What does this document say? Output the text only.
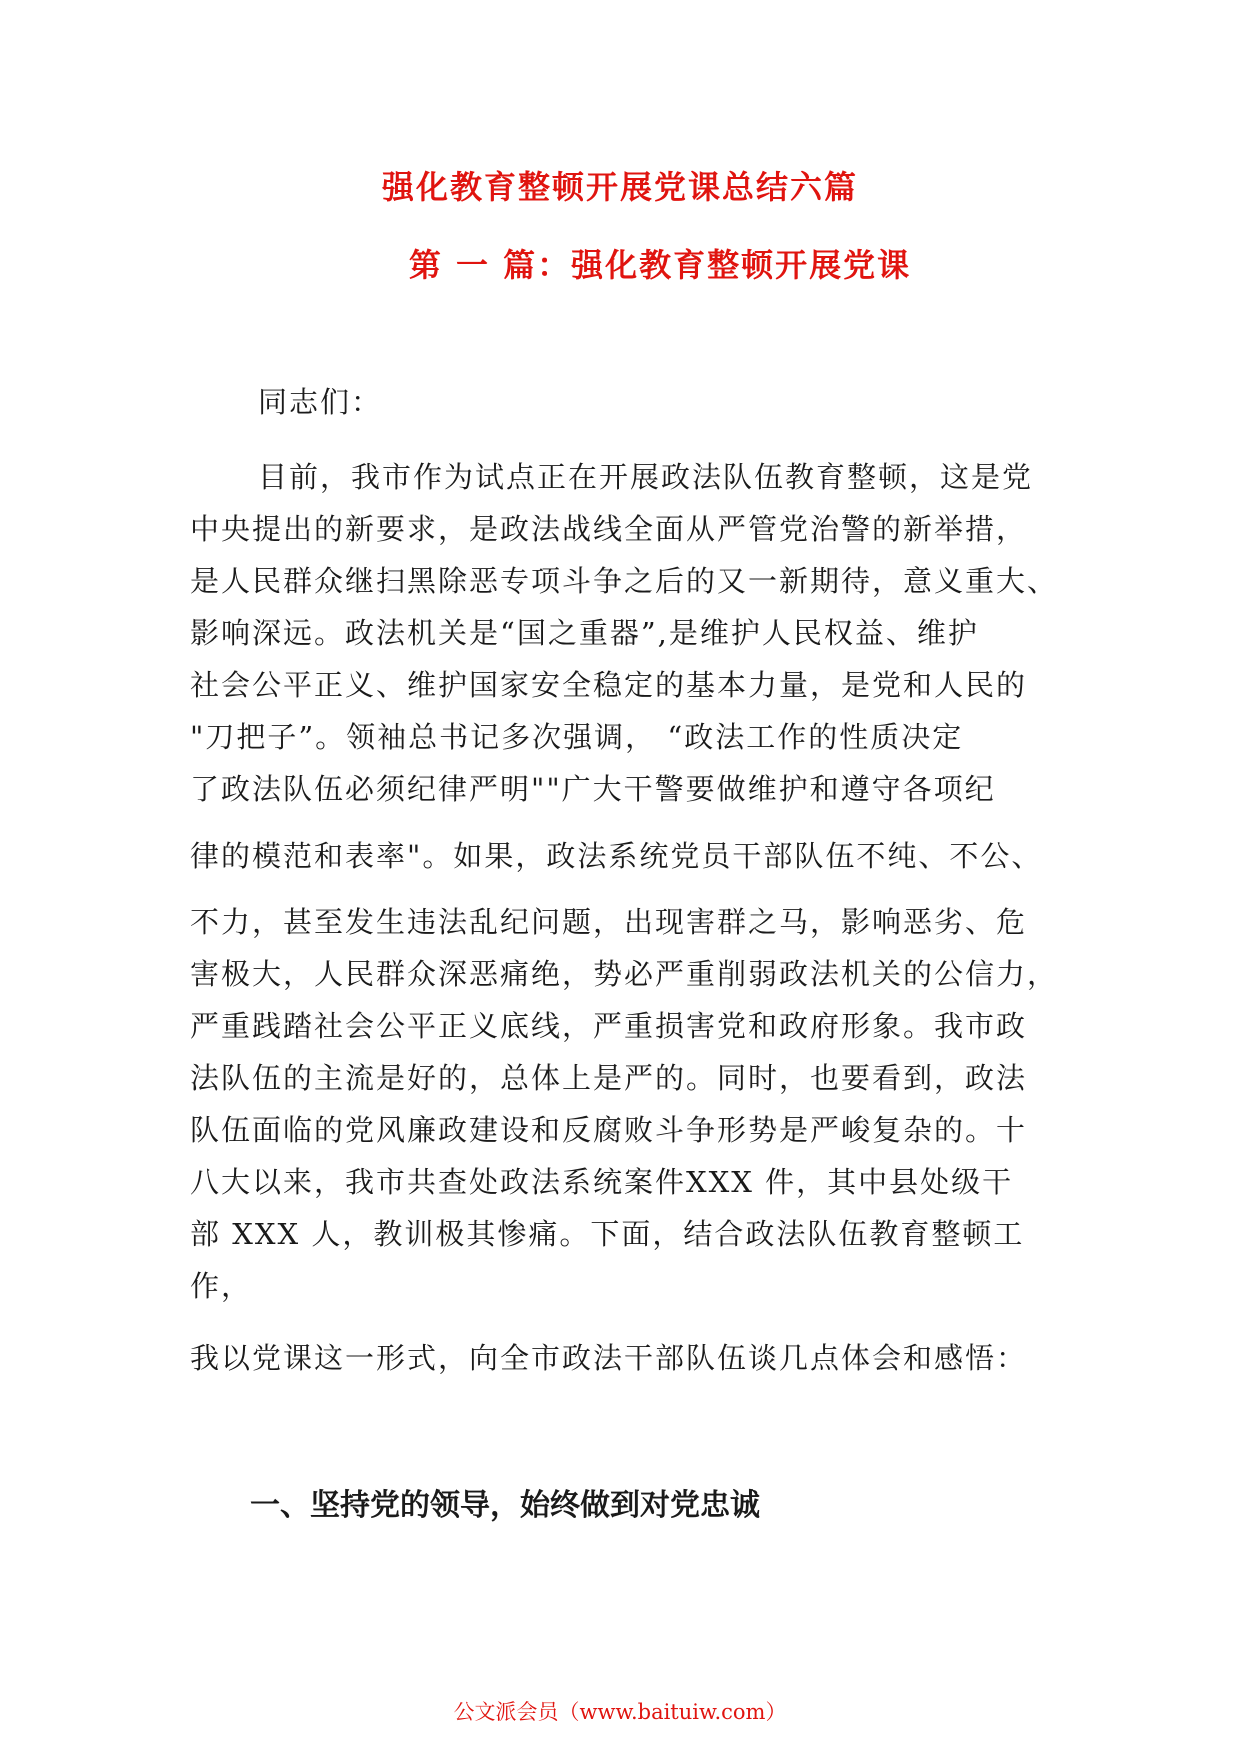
强化教育整顿开展党课总结六篇
第 一 篇：强化教育整顿开展党课
同志们：
目前，我市作为试点正在开展政法队伍教育整顿，这是党
中央提出的新要求，是政法战线全面从严管党治警的新举措，
是人民群众继扫黑除恶专项斗争之后的又一新期待，意义重大、
影响深远。政法机关是“国之重器”,是维护人民权益、维护
社会公平正义、维护国家安全稳定的基本力量，是党和人民的
"刀把子”。领袖总书记多次强调， “政法工作的性质决定
了政法队伍必须纪律严明""广大干警要做维护和遵守各项纪
律的模范和表率"。如果，政法系统党员干部队伍不纯、不公、
不力，甚至发生违法乱纪问题，出现害群之马，影响恶劣、危
害极大，人民群众深恶痛绝，势必严重削弱政法机关的公信力，
严重践踏社会公平正义底线，严重损害党和政府形象。我市政
法队伍的主流是好的，总体上是严的。同时，也要看到，政法
队伍面临的党风廉政建设和反腐败斗争形势是严峻复杂的。十
八大以来，我市共查处政法系统案件XXX 件，其中县处级干
部 XXX 人，教训极其惨痛。下面，结合政法队伍教育整顿工
作，
我以党课这一形式，向全市政法干部队伍谈几点体会和感悟：
一、坚持党的领导，始终做到对党忠诚
公文派会员（www.baituiw.com）
